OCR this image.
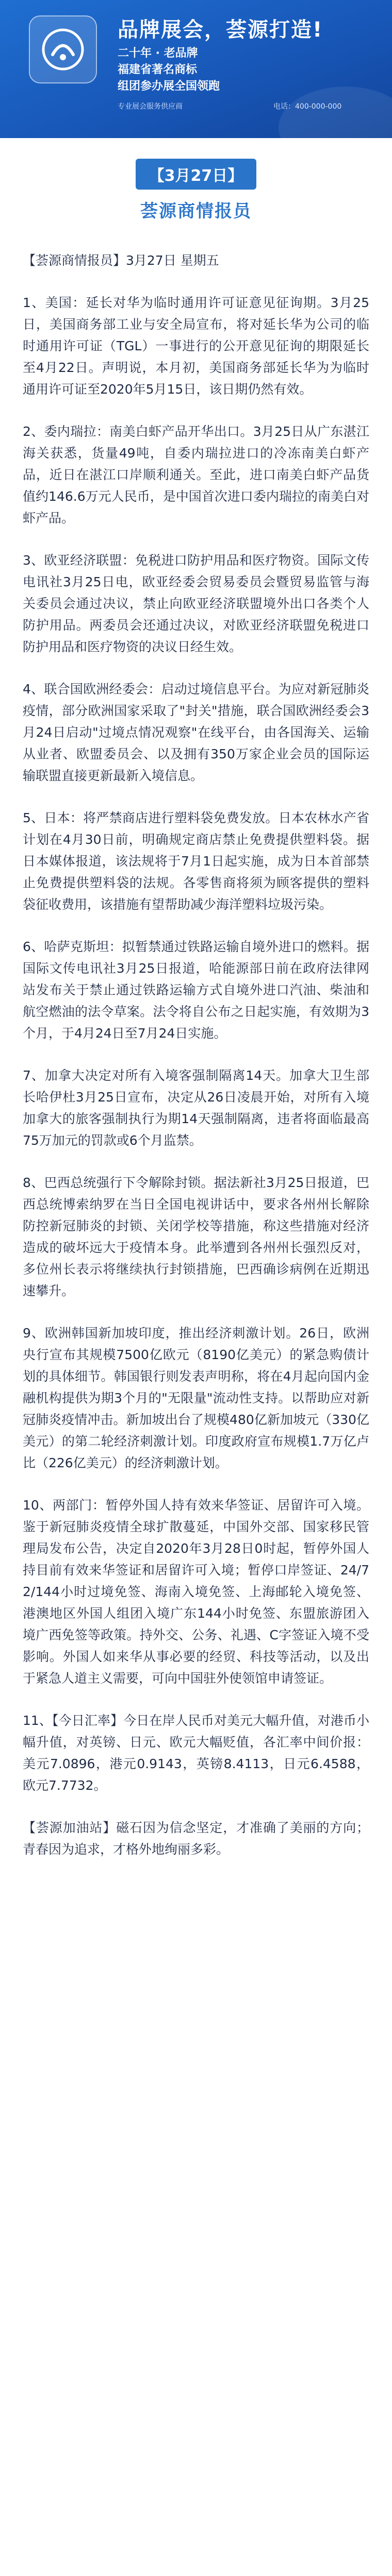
品牌展会，荟源打造!
二十年 · 老品牌
福建省著名商标
组团参办展全国领跑
专业展会服务供应商	电话：400-000-000
【3月27日】
荟源商情报员

【荟源商情报员】3月27日 星期五

1、美国：延长对华为临时通用许可证意见征询期。3月25日，美国商务部工业与安全局宣布，将对延长华为公司的临时通用许可证（TGL）一事进行的公开意见征询的期限延长至4月22日。声明说，本月初，美国商务部延长华为为临时通用许可证至2020年5月15日，该日期仍然有效。

2、委内瑞拉：南美白虾产品开华出口。3月25日从广东湛江海关获悉，货量49吨，自委内瑞拉进口的冷冻南美白虾产品，近日在湛江口岸顺利通关。至此，进口南美白虾产品货值约146.6万元人民币，是中国首次进口委内瑞拉的南美白对虾产品。

3、欧亚经济联盟：免税进口防护用品和医疗物资。国际文传电讯社3月25日电，欧亚经委会贸易委员会暨贸易监管与海关委员会通过决议，禁止向欧亚经济联盟境外出口各类个人防护用品。两委员会还通过决议，对欧亚经济联盟免税进口防护用品和医疗物资的决议日经生效。

4、联合国欧洲经委会：启动过境信息平台。为应对新冠肺炎疫情，部分欧洲国家采取了"封关"措施，联合国欧洲经委会3月24日启动"过境点情况观察"在线平台，由各国海关、运输从业者、欧盟委员会、以及拥有350万家企业会员的国际运输联盟直接更新最新入境信息。

5、日本：将严禁商店进行塑料袋免费发放。日本农林水产省计划在4月30日前，明确规定商店禁止免费提供塑料袋。据日本媒体报道，该法规将于7月1日起实施，成为日本首部禁止免费提供塑料袋的法规。各零售商将须为顾客提供的塑料袋征收费用，该措施有望帮助减少海洋塑料垃圾污染。

6、哈萨克斯坦：拟暂禁通过铁路运输自境外进口的燃料。据国际文传电讯社3月25日报道，哈能源部日前在政府法律网站发布关于禁止通过铁路运输方式自境外进口汽油、柴油和航空燃油的法令草案。法令将自公布之日起实施，有效期为3个月，于4月24日至7月24日实施。

7、加拿大决定对所有入境客强制隔离14天。加拿大卫生部长哈伊杜3月25日宣布，决定从26日凌晨开始，对所有入境加拿大的旅客强制执行为期14天强制隔离，违者将面临最高75万加元的罚款或6个月监禁。

8、巴西总统强行下令解除封锁。据法新社3月25日报道，巴西总统博索纳罗在当日全国电视讲话中，要求各州州长解除防控新冠肺炎的封锁、关闭学校等措施，称这些措施对经济造成的破坏远大于疫情本身。此举遭到各州州长强烈反对，多位州长表示将继续执行封锁措施，巴西确诊病例在近期迅速攀升。

9、欧洲韩国新加坡印度，推出经济刺激计划。26日，欧洲央行宣布其规模7500亿欧元（8190亿美元）的紧急购债计划的具体细节。韩国银行则发表声明称，将在4月起向国内金融机构提供为期3个月的"无限量"流动性支持。以帮助应对新冠肺炎疫情冲击。新加坡出台了规模480亿新加坡元（330亿美元）的第二轮经济刺激计划。印度政府宣布规模1.7万亿卢比（226亿美元）的经济刺激计划。

10、两部门：暂停外国人持有效来华签证、居留许可入境。鉴于新冠肺炎疫情全球扩散蔓延，中国外交部、国家移民管理局发布公告，决定自2020年3月28日0时起，暂停外国人持目前有效来华签证和居留许可入境；暂停口岸签证、24/72/144小时过境免签、海南入境免签、上海邮轮入境免签、港澳地区外国人组团入境广东144小时免签、东盟旅游团入境广西免签等政策。持外交、公务、礼遇、C字签证入境不受影响。外国人如来华从事必要的经贸、科技等活动，以及出于紧急人道主义需要，可向中国驻外使领馆申请签证。

11、【今日汇率】今日在岸人民币对美元大幅升值，对港币小幅升值，对英镑、日元、欧元大幅贬值，各汇率中间价报：美元7.0896，港元0.9143，英镑8.4113，日元6.4588，欧元7.7732。

【荟源加油站】磁石因为信念坚定，才准确了美丽的方向；青春因为追求，才格外地绚丽多彩。
